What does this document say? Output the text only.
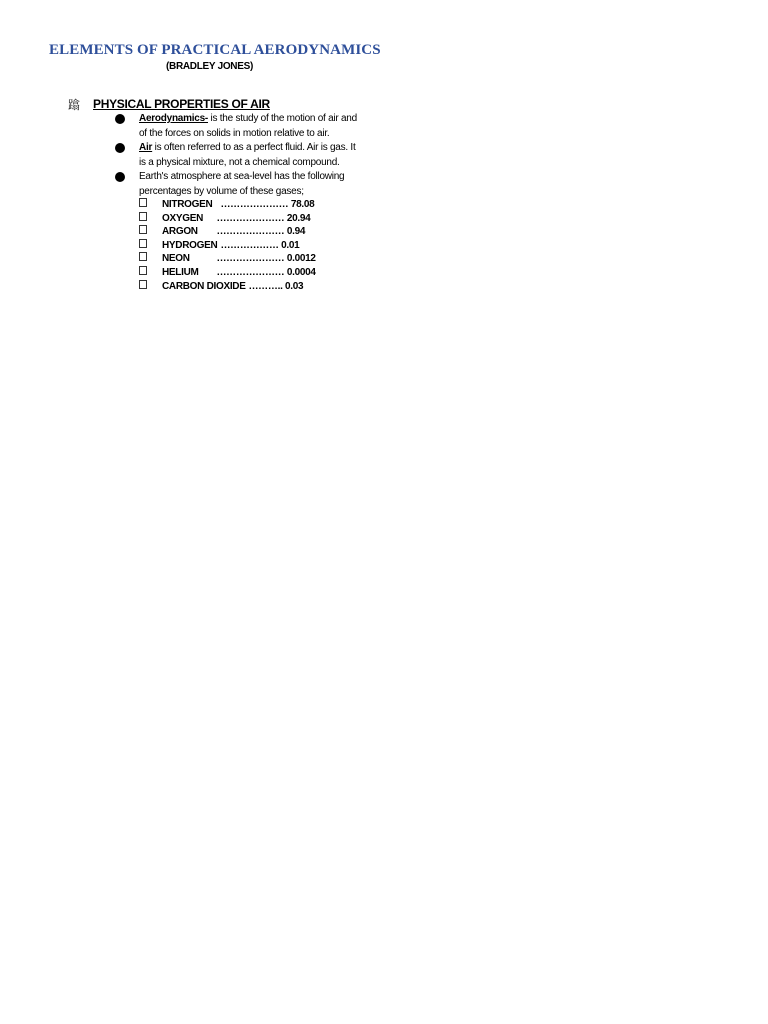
ELEMENTS OF PRACTICAL AERODYNAMICS
(BRADLEY JONES)
蹹 PHYSICAL PROPERTIES OF AIR
Aerodynamics- is the study of the motion of air and of the forces on solids in motion relative to air.
Air is often referred to as a perfect fluid. Air is gas. It is a physical mixture, not a chemical compound.
Earth's atmosphere at sea-level has the following percentages by volume of these gases;
NITROGEN ………………… 78.08
OXYGEN ………………… 20.94
ARGON ………………… 0.94
HYDROGEN ……………… 0.01
NEON	………………… 0.0012
HELIUM ………………… 0.0004
CARBON DIOXIDE ……….. 0.03
